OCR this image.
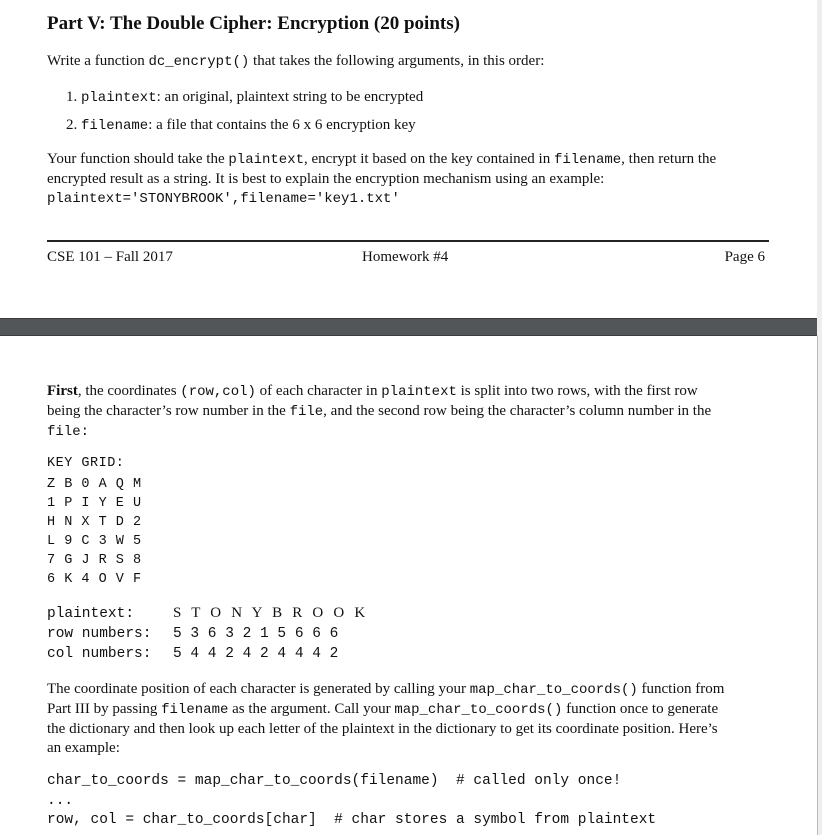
Part V: The Double Cipher: Encryption (20 points)
Write a function dc_encrypt() that takes the following arguments, in this order:
1. plaintext: an original, plaintext string to be encrypted
2. filename: a file that contains the 6 x 6 encryption key
Your function should take the plaintext, encrypt it based on the key contained in filename, then return the
encrypted result as a string. It is best to explain the encryption mechanism using an example:
plaintext='STONYBROOK',filename='key1.txt'
CSE 101 – Fall 2017	Homework #4	Page 6
First, the coordinates (row,col) of each character in plaintext is split into two rows, with the first row
being the character’s row number in the file, and the second row being the character’s column number in the
file:
KEY GRID:
Z B 0 A Q M
1 P I Y E U
H N X T D 2
L 9 C 3 W 5
7 G J R S 8
6 K 4 O V F
plaintext:	S T O N Y B R O O K
row numbers: 5 3 6 3 2 1 5 6 6 6
col numbers: 5 4 4 2 4 2 4 4 4 2
The coordinate position of each character is generated by calling your map_char_to_coords() function from
Part III by passing filename as the argument. Call your map_char_to_coords() function once to generate
the dictionary and then look up each letter of the plaintext in the dictionary to get its coordinate position. Here’s
an example:
char_to_coords = map_char_to_coords(filename)  # called only once!
...
row, col = char_to_coords[char]  # char stores a symbol from plaintext
